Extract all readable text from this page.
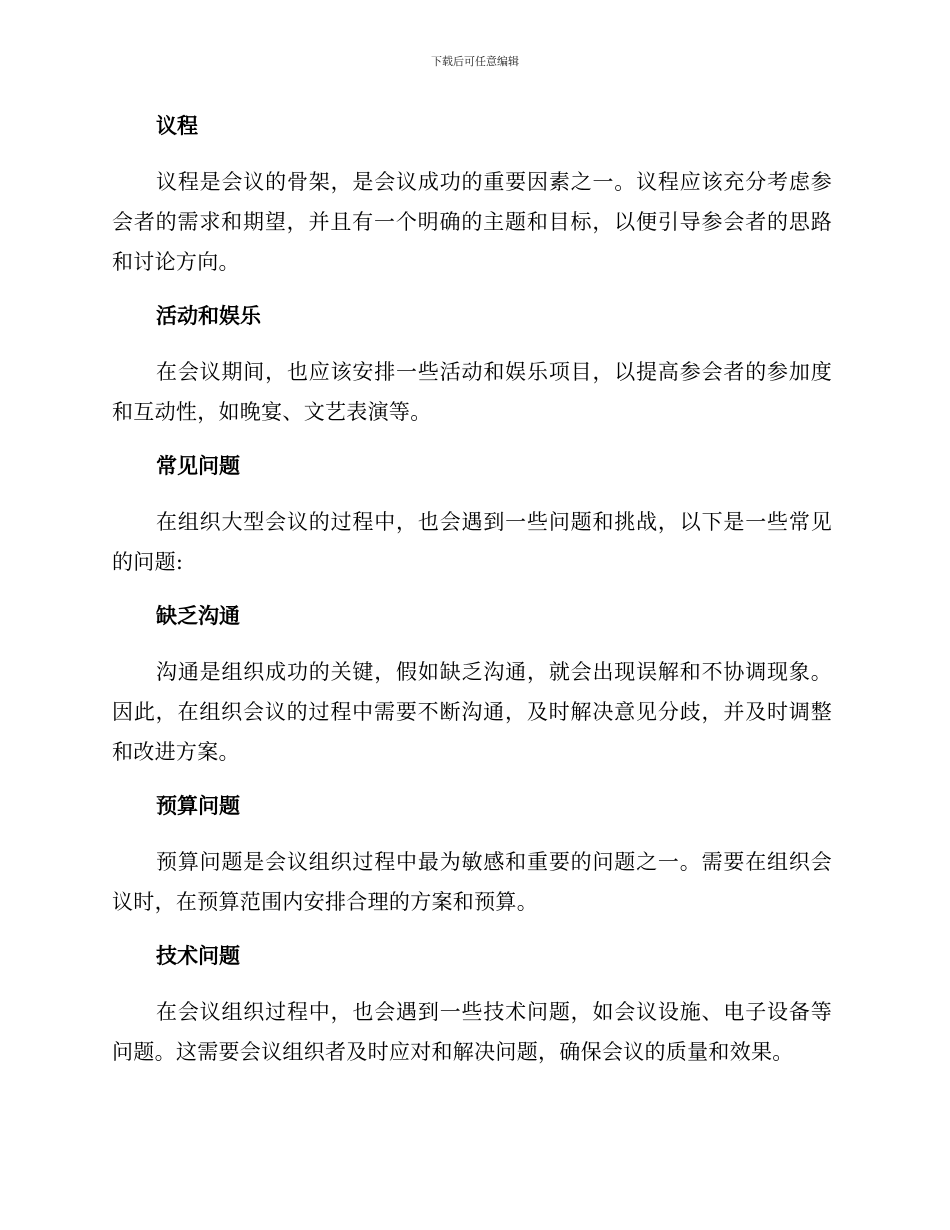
下载后可任意编辑
议程

议程是会议的骨架，是会议成功的重要因素之一。议程应该充分考虑参会者的需求和期望，并且有一个明确的主题和目标，以便引导参会者的思路和讨论方向。

活动和娱乐

在会议期间，也应该安排一些活动和娱乐项目，以提高参会者的参加度和互动性，如晚宴、文艺表演等。

常见问题

在组织大型会议的过程中，也会遇到一些问题和挑战，以下是一些常见的问题:

缺乏沟通

沟通是组织成功的关键，假如缺乏沟通，就会出现误解和不协调现象。因此，在组织会议的过程中需要不断沟通，及时解决意见分歧，并及时调整和改进方案。

预算问题

预算问题是会议组织过程中最为敏感和重要的问题之一。需要在组织会议时，在预算范围内安排合理的方案和预算。

技术问题

在会议组织过程中，也会遇到一些技术问题，如会议设施、电子设备等问题。这需要会议组织者及时应对和解决问题，确保会议的质量和效果。
